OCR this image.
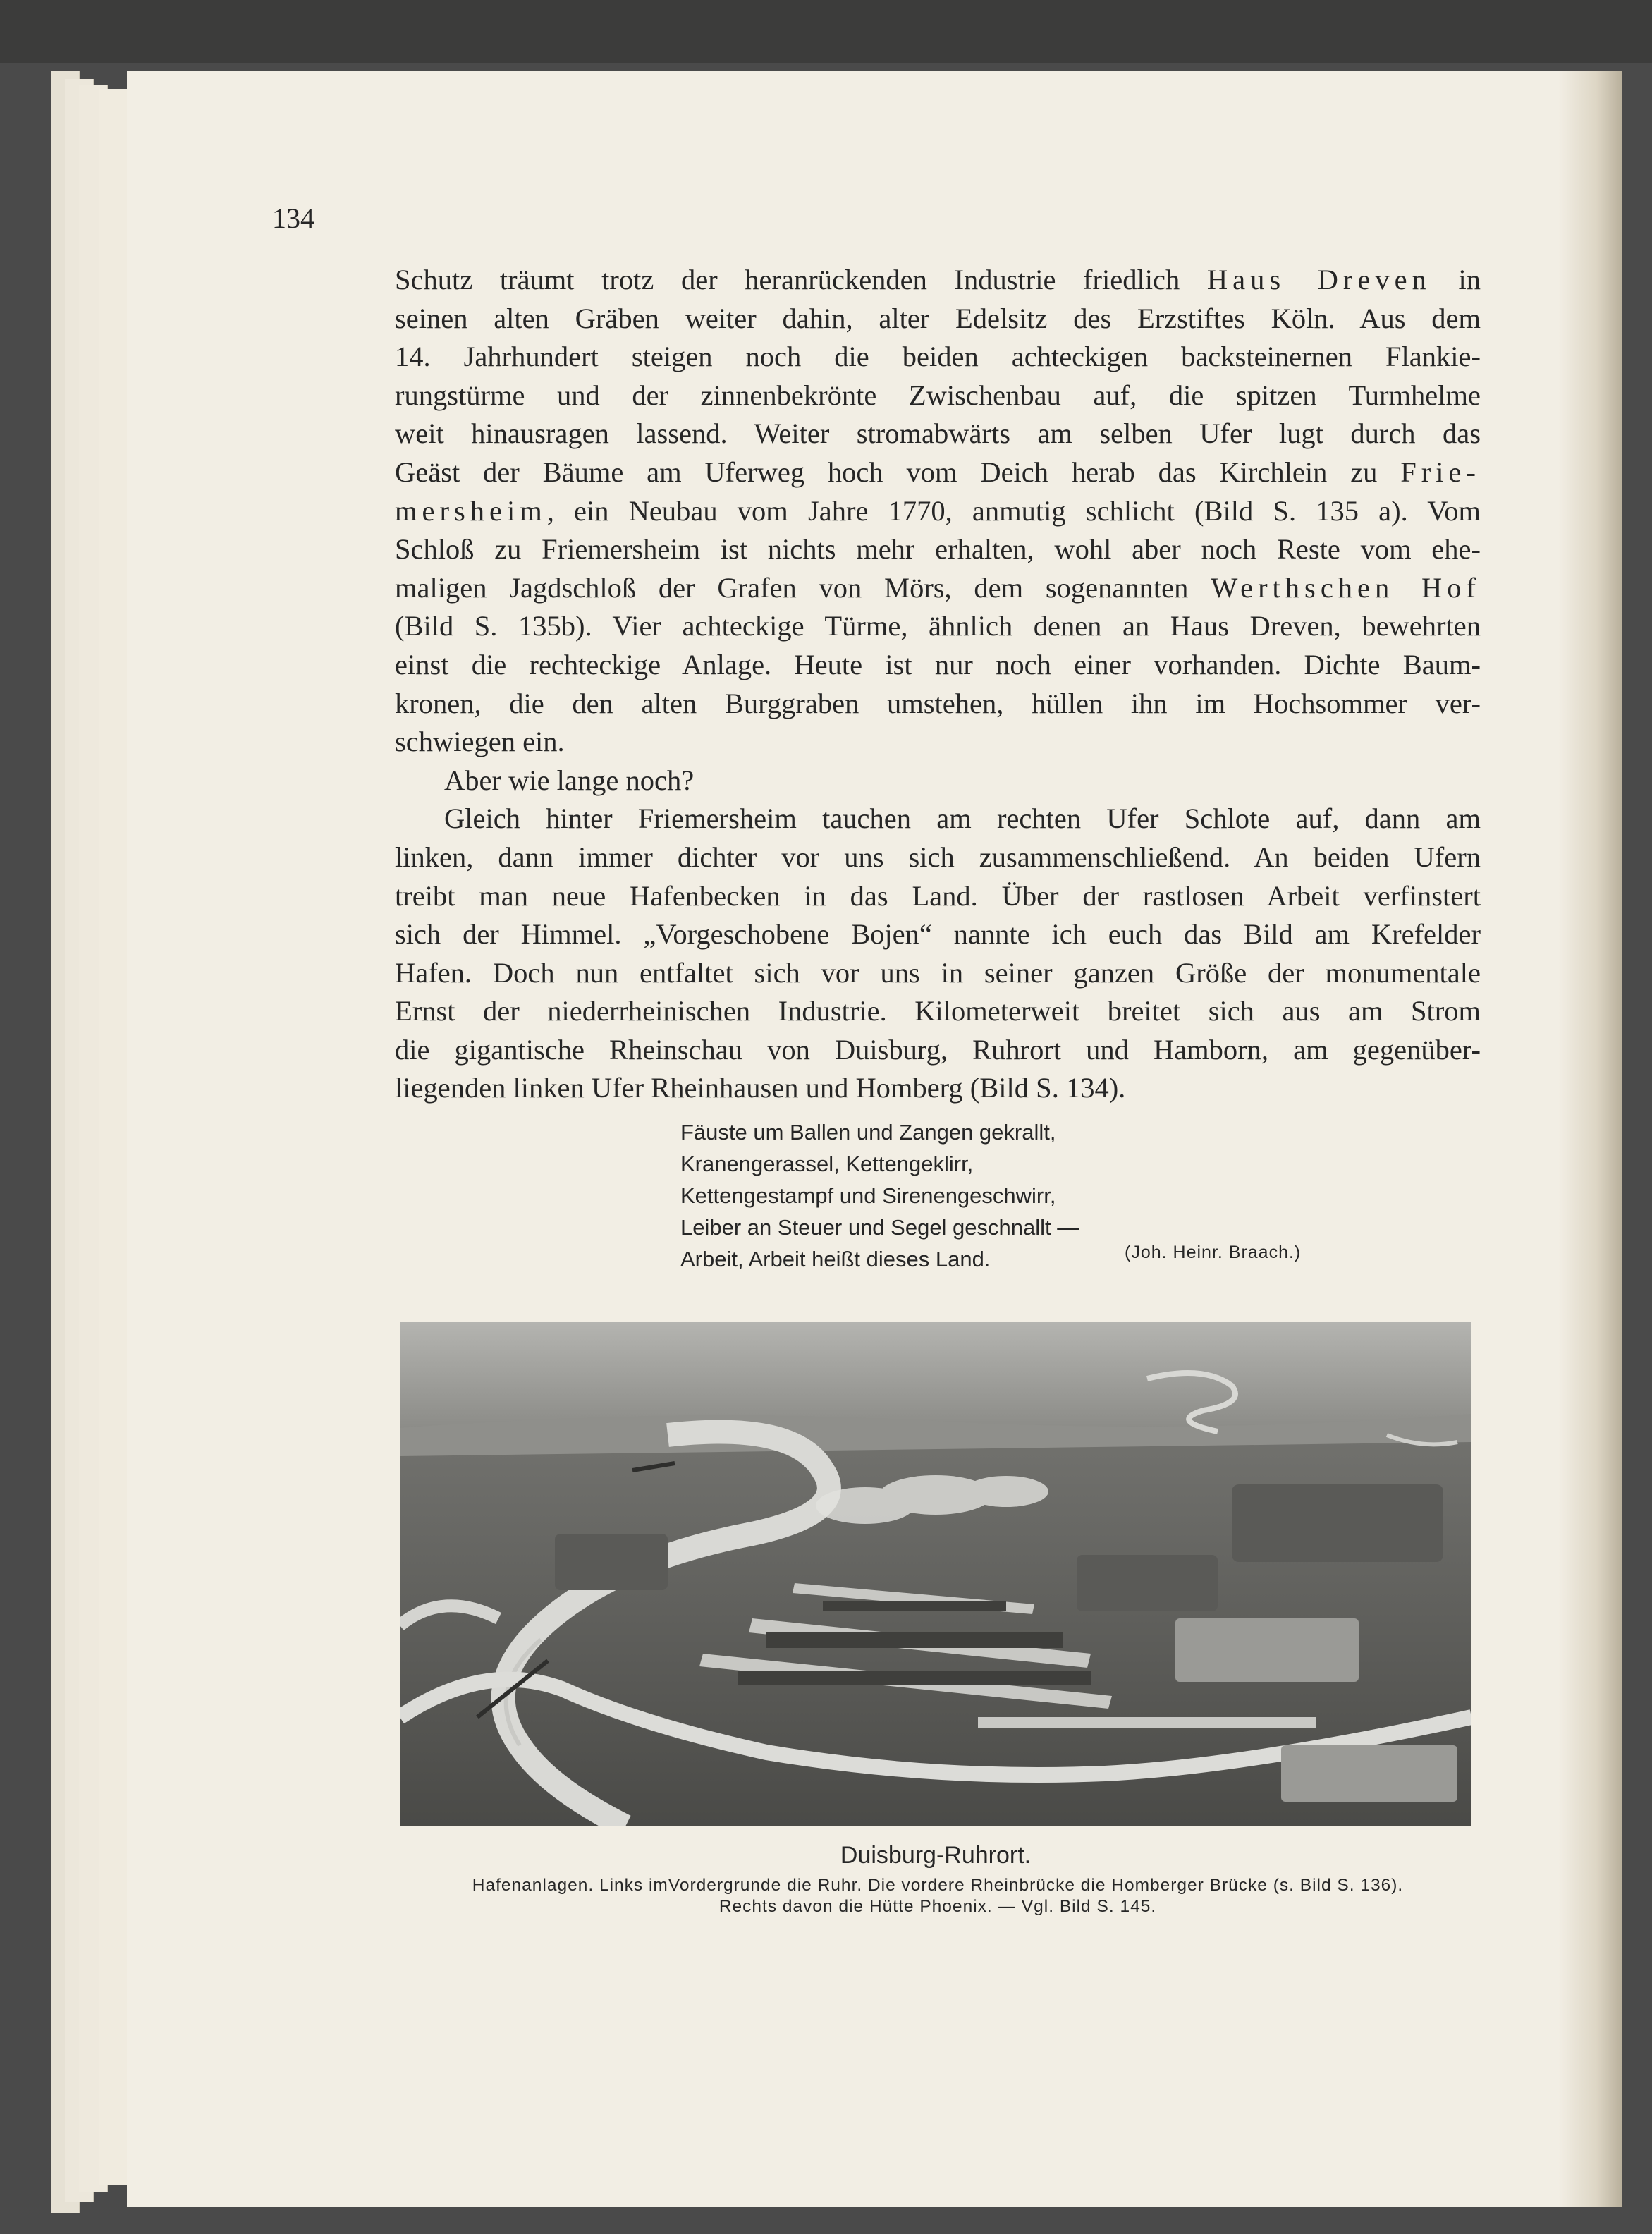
134
Schutz träumt trotz der heranrückenden Industrie friedlich Haus Dreven in
seinen alten Gräben weiter dahin, alter Edelsitz des Erzstiftes Köln. Aus dem
14. Jahrhundert steigen noch die beiden achteckigen backsteinernen Flankie-
rungstürme und der zinnenbekrönte Zwischenbau auf, die spitzen Turmhelme
weit hinausragen lassend. Weiter stromabwärts am selben Ufer lugt durch das
Geäst der Bäume am Uferweg hoch vom Deich herab das Kirchlein zu Frie-
mersheim, ein Neubau vom Jahre 1770, anmutig schlicht (Bild S. 135 a). Vom
Schloß zu Friemersheim ist nichts mehr erhalten, wohl aber noch Reste vom ehe-
maligen Jagdschloß der Grafen von Mörs, dem sogenannten Werthschen Hof
(Bild S. 135b). Vier achteckige Türme, ähnlich denen an Haus Dreven, bewehrten
einst die rechteckige Anlage. Heute ist nur noch einer vorhanden. Dichte Baum-
kronen, die den alten Burggraben umstehen, hüllen ihn im Hochsommer ver-
schwiegen ein.
Aber wie lange noch?
Gleich hinter Friemersheim tauchen am rechten Ufer Schlote auf, dann am
linken, dann immer dichter vor uns sich zusammenschließend. An beiden Ufern
treibt man neue Hafenbecken in das Land. Über der rastlosen Arbeit verfinstert
sich der Himmel. „Vorgeschobene Bojen“ nannte ich euch das Bild am Krefelder
Hafen. Doch nun entfaltet sich vor uns in seiner ganzen Größe der monumentale
Ernst der niederrheinischen Industrie. Kilometerweit breitet sich aus am Strom
die gigantische Rheinschau von Duisburg, Ruhrort und Hamborn, am gegenüber-
liegenden linken Ufer Rheinhausen und Homberg (Bild S. 134).
Fäuste um Ballen und Zangen gekrallt,
Kranengerassel, Kettengeklirr,
Kettengestampf und Sirenengeschwirr,
Leiber an Steuer und Segel geschnallt —
Arbeit, Arbeit heißt dieses Land.	(Joh. Heinr. Braach.)
Duisburg-Ruhrort.
Hafenanlagen. Links imVordergrunde die Ruhr. Die vordere Rheinbrücke die Homberger Brücke (s. Bild S. 136).
Rechts davon die Hütte Phoenix. — Vgl. Bild S. 145.
